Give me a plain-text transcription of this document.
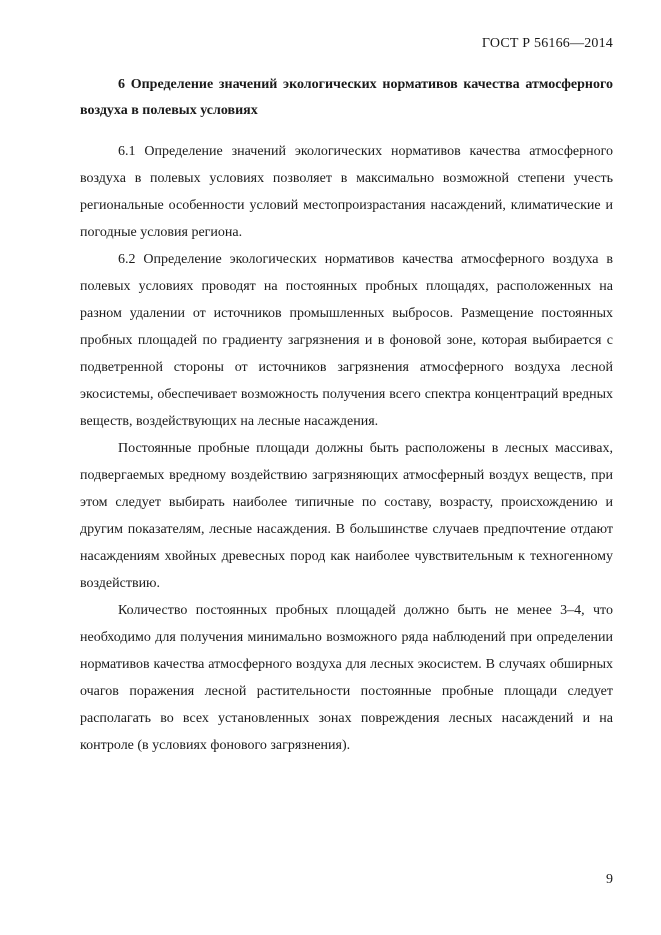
ГОСТ Р 56166—2014
6 Определение значений экологических нормативов качества атмосферного воздуха в полевых условиях

6.1 Определение значений экологических нормативов качества атмосферного воздуха в полевых условиях позволяет в максимально возможной степени учесть региональные особенности условий местопроизрастания насаждений, климатические и погодные условия региона.

6.2 Определение экологических нормативов качества атмосферного воздуха в полевых условиях проводят на постоянных пробных площадях, расположенных на разном удалении от источников промышленных выбросов. Размещение постоянных пробных площадей по градиенту загрязнения и в фоновой зоне, которая выбирается с подветренной стороны от источников загрязнения атмосферного воздуха лесной экосистемы, обеспечивает возможность получения всего спектра концентраций вредных веществ, воздействующих на лесные насаждения.

Постоянные пробные площади должны быть расположены в лесных массивах, подвергаемых вредному воздействию загрязняющих атмосферный воздух веществ, при этом следует выбирать наиболее типичные по составу, возрасту, происхождению и другим показателям, лесные насаждения. В большинстве случаев предпочтение отдают насаждениям хвойных древесных пород как наиболее чувствительным к техногенному воздействию.

Количество постоянных пробных площадей должно быть не менее 3–4, что необходимо для получения минимально возможного ряда наблюдений при определении нормативов качества атмосферного воздуха для лесных экосистем. В случаях обширных очагов поражения лесной растительности постоянные пробные площади следует располагать во всех установленных зонах повреждения лесных насаждений и на контроле (в условиях фонового загрязнения).

9
